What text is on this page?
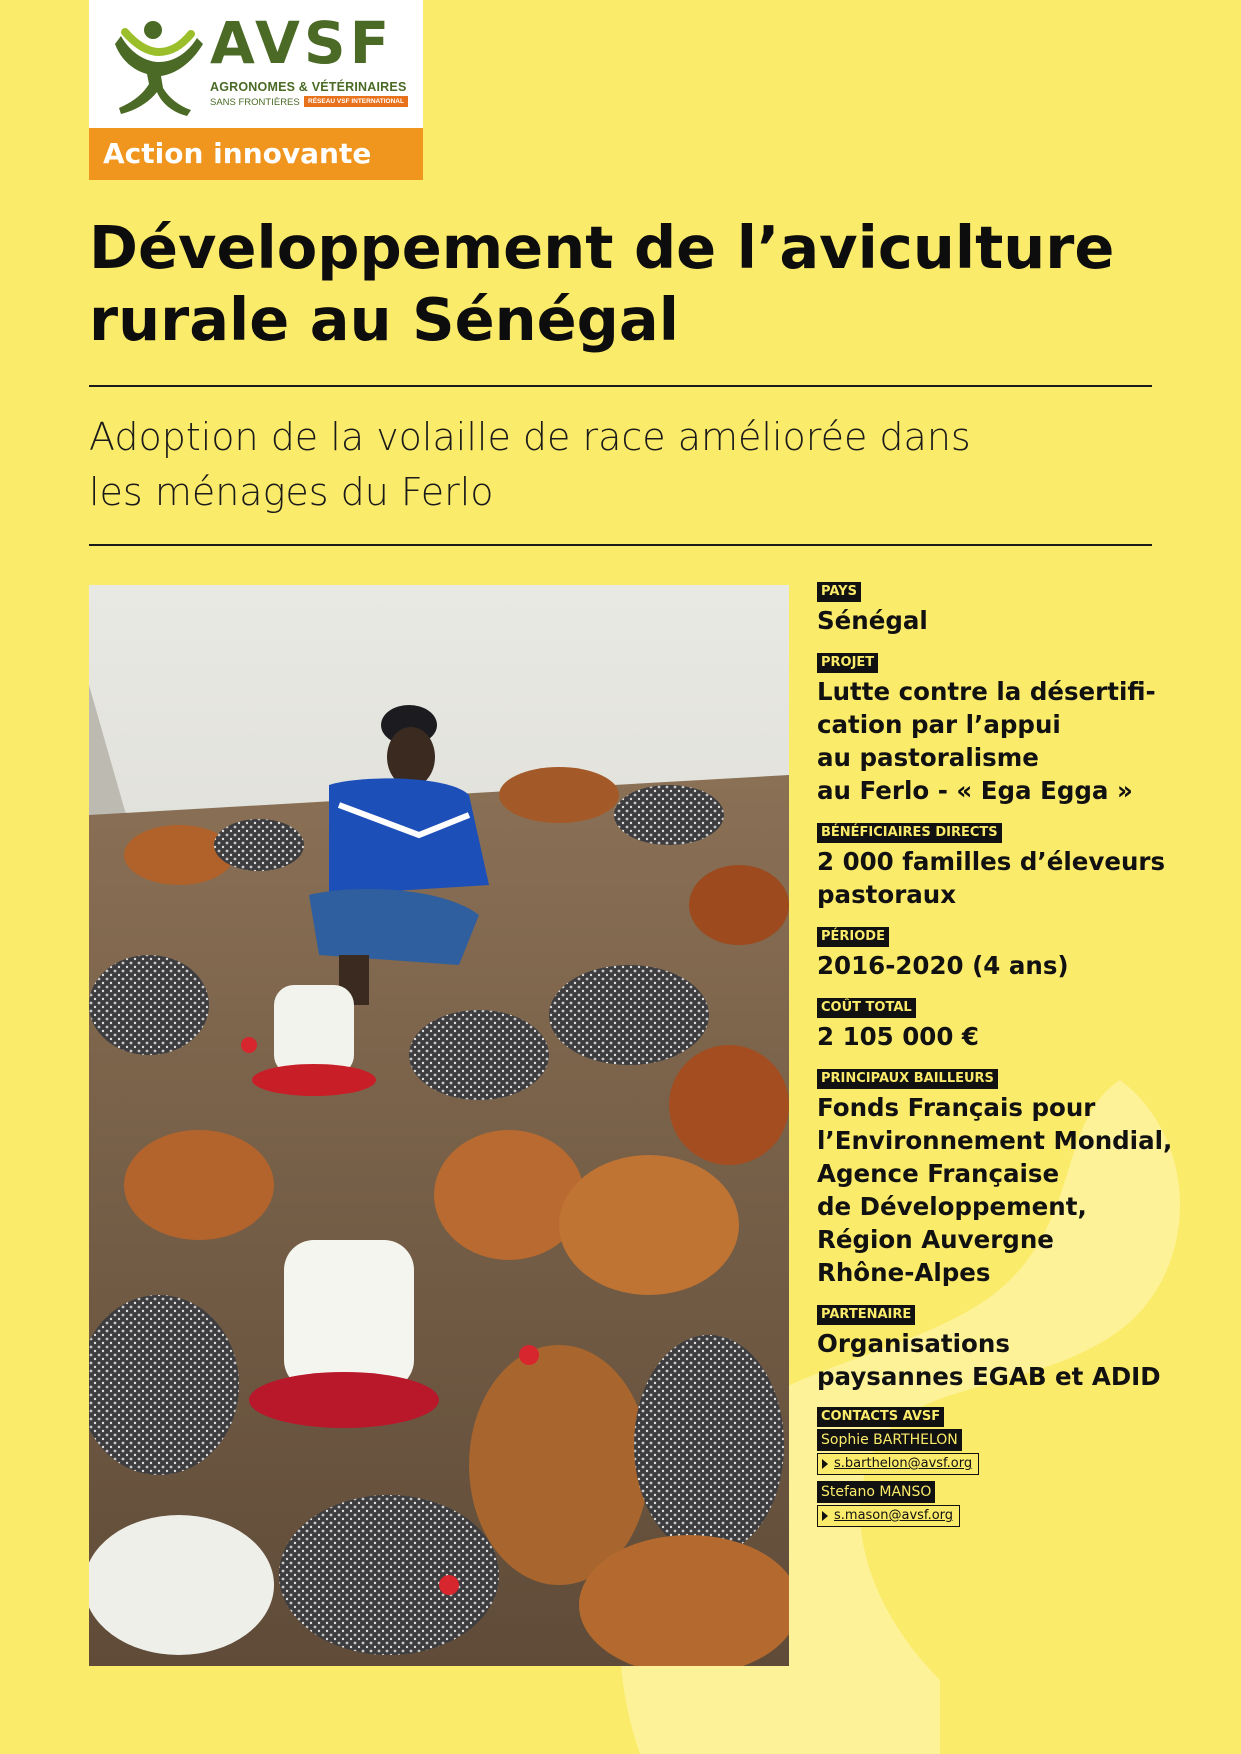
AVSF
AGRONOMES & VÉTÉRINAIRES
SANS FRONTIÈRES	RÉSEAU VSF INTERNATIONAL
Action innovante
Développement de l’aviculture
rurale au Sénégal
Adoption de la volaille de race améliorée dans
les ménages du Ferlo
PAYS
Sénégal
PROJET
Lutte contre la désertifi-
cation par l’appui
au pastoralisme
au Ferlo - « Ega Egga »
BÉNÉFICIAIRES DIRECTS
2 000 familles d’éleveurs
pastoraux
PÉRIODE
2016-2020 (4 ans)
COÛT TOTAL
2 105 000 €
PRINCIPAUX BAILLEURS
Fonds Français pour
l’Environnement Mondial,
Agence Française
de Développement,
Région Auvergne
Rhône-Alpes
PARTENAIRE
Organisations
paysannes EGAB et ADID
CONTACTS AVSF
Sophie BARTHELON
s.barthelon@avsf.org
Stefano MANSO
s.mason@avsf.org
